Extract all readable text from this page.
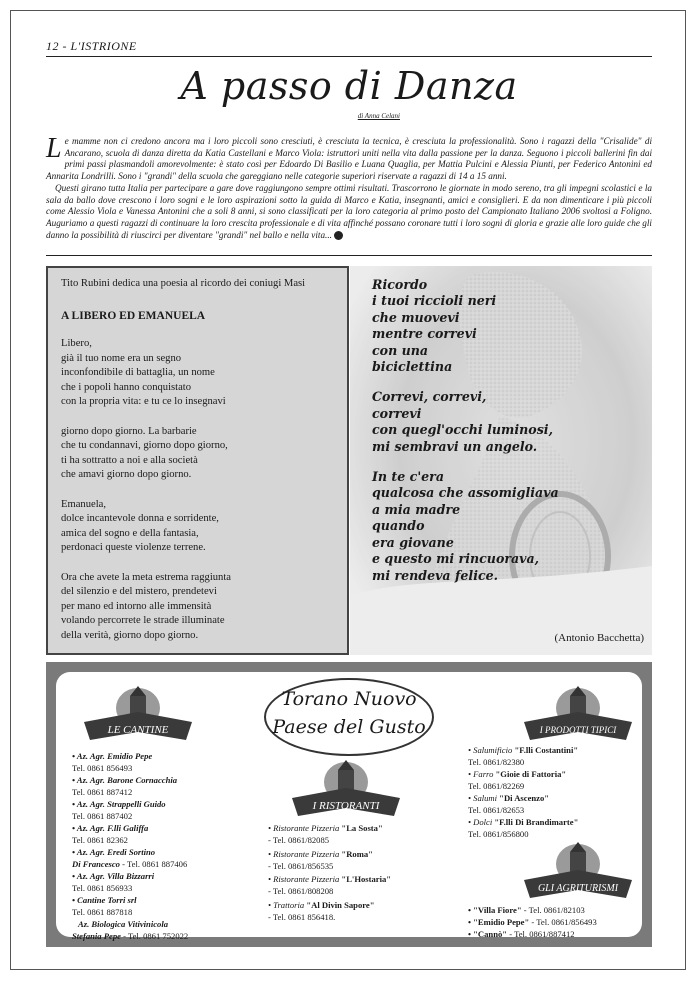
12 - L'ISTRIONE
A passo di Danza
di Anna Celani

Le mamme non ci credono ancora ma i loro piccoli sono cresciuti, è cresciuta la tecnica, è cresciuta la professionalità. Sono i ragazzi della "Crisalide" di Ancarano, scuola di danza diretta da Katia Castellani e Marco Viola: istruttori uniti nella vita dalla passione per la danza. Seguono i piccoli ballerini fin dai primi passi plasmandoli amorevolmente: è stato così per Edoardo Di Basilio e Luana Quaglia, per Mattia Pulcini e Alessia Piunti, per Federico Antonini ed Annarita Londrilli. Sono i "grandi" della scuola che gareggiano nelle categorie superiori riservate a ragazzi di 14 a 15 anni.

Questi girano tutta Italia per partecipare a gare dove raggiungono sempre ottimi risultati. Trascorrono le giornate in modo sereno, tra gli impegni scolastici e la sala da ballo dove crescono i loro sogni e le loro aspirazioni sotto la guida di Marco e Katia, insegnanti, amici e consiglieri. E da non dimenticare i più piccoli come Alessio Viola e Vanessa Antonini che a soli 8 anni, si sono classificati per la loro categoria al primo posto del Campionato Italiano 2006 svoltosi a Foligno. Auguriamo a questi ragazzi di continuare la loro crescita professionale e di vita affinché possano coronare tutti i loro sogni di gloria e grazie alle loro guide che gli danno la possibilità di riuscirci per diventare "grandi" nel ballo e nella vita...

Tito Rubini dedica una poesia al ricordo dei coniugi Masi
A LIBERO ED EMANUELA
Libero,
già il tuo nome era un segno
inconfondibile di battaglia, un nome
che i popoli hanno conquistato
con la propria vita: e tu ce lo insegnavi
giorno dopo giorno. La barbarie
che tu condannavi, giorno dopo giorno,
ti ha sottratto a noi e alla società
che amavi giorno dopo giorno.
Emanuela,
dolce incantevole donna e sorridente,
amica del sogno e della fantasia,
perdonaci queste violenze terrene.
Ora che avete la meta estrema raggiunta
del silenzio e del mistero, prendetevi
per mano ed intorno alle immensità
volando percorrete le strade illuminate
della verità, giorno dopo giorno.
Ricordo
i tuoi riccioli neri
che muovevi
mentre correvi
con una
biciclettina
Correvi, correvi,
correvi
con quegl'occhi luminosi,
mi sembravi un angelo.
In te c'era
qualcosa che assomigliava
a mia madre
quando
era giovane
e questo mi rincuorava,
mi rendeva felice.
(Antonio Bacchetta)
Torano Nuovo
Paese del Gusto
LE CANTINE
I RISTORANTI
I PRODOTTI TIPICI
GLI AGRITURISMI
• Az. Agr. Emidio Pepe
Tel. 0861 856493
• Az. Agr. Barone Cornacchia
Tel. 0861 887412
• Az. Agr. Strappelli Guido
Tel. 0861 887402
• Az. Agr. F.lli Galiffa
Tel. 0861 82362
• Az. Agr. Eredi Sortino
Di Francesco - Tel. 0861 887406
• Az. Agr. Villa Bizzarri
Tel. 0861 856933
• Cantine Torri srl
Tel. 0861 887818
Az. Biologica Vitivinicola
Stefania Pepe - Tel. 0861 752022
• Ristorante Pizzeria "La Sosta"
- Tel. 0861/82085
• Ristorante Pizzeria "Roma"
- Tel. 0861/856535
• Ristorante Pizzeria "L'Hostaria"
- Tel. 0861/808208
• Trattoria "Al Divin Sapore"
- Tel. 0861 856418.
• Salumificio "F.lli Costantini"
Tel. 0861/82380
• Farro "Gioie di Fattoria"
Tel. 0861/82269
• Salumi "Di Ascenzo"
Tel. 0861/82653
• Dolci "F.lli Di Brandimarte"
Tel. 0861/856800
• "Villa Fiore" - Tel. 0861/82103
• "Emidio Pepe" - Tel. 0861/856493
• "Cannò" - Tel. 0861/887412
